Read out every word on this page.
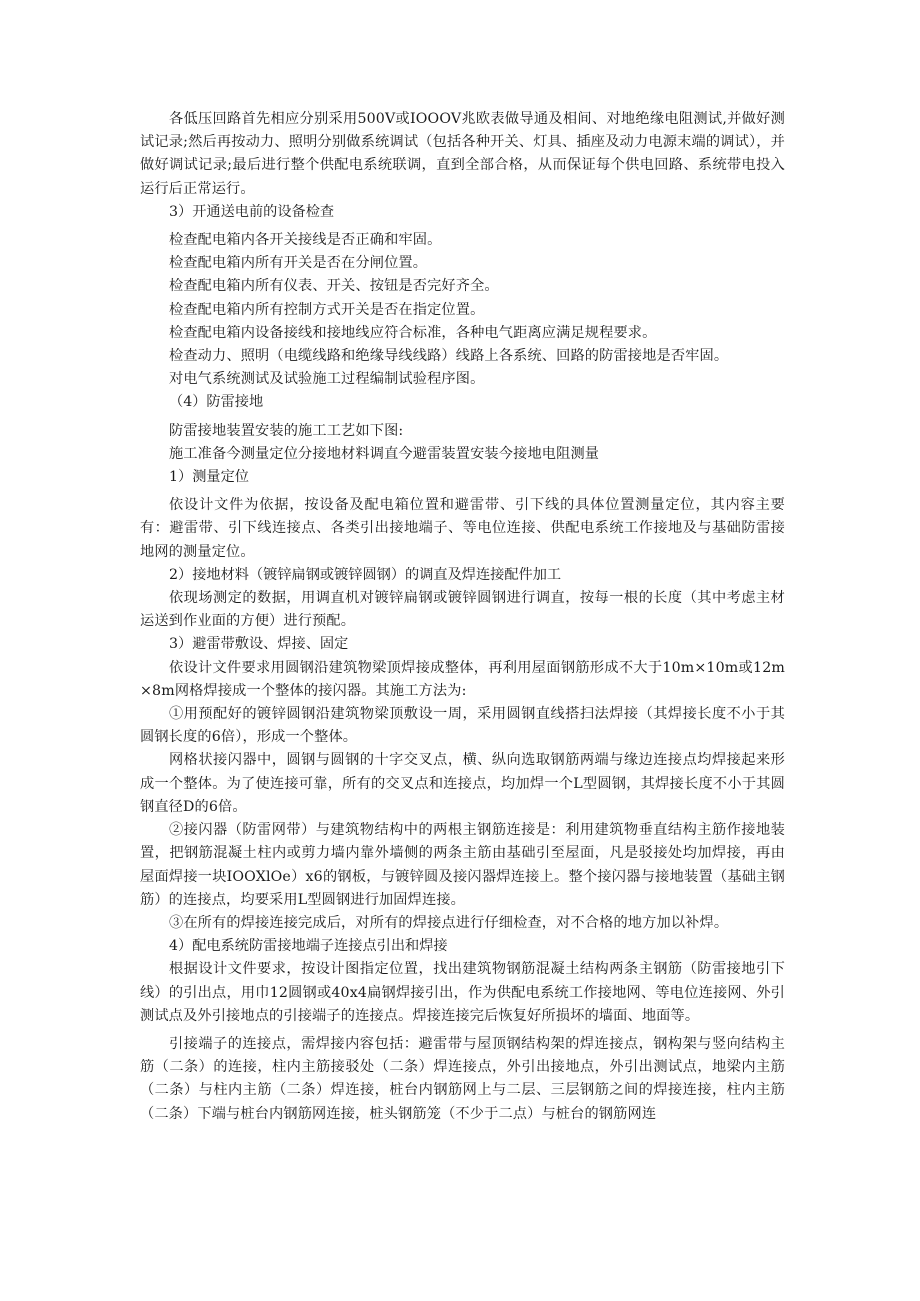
各低压回路首先相应分别采用500V或IOOOV兆欧表做导通及相间、对地绝缘电阻测试,并做好测试记录;然后再按动力、照明分别做系统调试（包括各种开关、灯具、插座及动力电源末端的调试），并做好调试记录;最后进行整个供配电系统联调，直到全部合格，从而保证每个供电回路、系统带电投入运行后正常运行。

3）开通送电前的设备检查

检查配电箱内各开关接线是否正确和牢固。

检查配电箱内所有开关是否在分闸位置。

检查配电箱内所有仪表、开关、按钮是否完好齐全。

检查配电箱内所有控制方式开关是否在指定位置。

检查配电箱内设备接线和接地线应符合标准，各种电气距离应满足规程要求。

检查动力、照明（电缆线路和绝缘导线线路）线路上各系统、回路的防雷接地是否牢固。

对电气系统测试及试验施工过程编制试验程序图。

（4）防雷接地

防雷接地装置安装的施工工艺如下图:

施工准备今测量定位分接地材料调直今避雷装置安装今接地电阻测量

1）测量定位

依设计文件为依据，按设备及配电箱位置和避雷带、引下线的具体位置测量定位，其内容主要有：避雷带、引下线连接点、各类引出接地端子、等电位连接、供配电系统工作接地及与基础防雷接地网的测量定位。

2）接地材料（镀锌扁钢或镀锌圆钢）的调直及焊连接配件加工

依现场测定的数据，用调直机对镀锌扁钢或镀锌圆钢进行调直，按每一根的长度（其中考虑主材运送到作业面的方便）进行预配。

3）避雷带敷设、焊接、固定

依设计文件要求用圆钢沿建筑物梁顶焊接成整体，再利用屋面钢筋形成不大于10m×10m或12m×8m网格焊接成一个整体的接闪器。其施工方法为:

①用预配好的镀锌圆钢沿建筑物梁顶敷设一周，采用圆钢直线搭扫法焊接（其焊接长度不小于其圆钢长度的6倍），形成一个整体。

网格状接闪器中，圆钢与圆钢的十字交叉点，横、纵向选取钢筋两端与缘边连接点均焊接起来形成一个整体。为了使连接可靠，所有的交叉点和连接点，均加焊一个L型圆钢，其焊接长度不小于其圆钢直径D的6倍。

②接闪器（防雷网带）与建筑物结构中的两根主钢筋连接是：利用建筑物垂直结构主筋作接地装置，把钢筋混凝土柱内或剪力墙内靠外墙侧的两条主筋由基础引至屋面，凡是驳接处均加焊接，再由屋面焊接一块IOOXlOe）x6的钢板，与镀锌圆及接闪器焊连接上。整个接闪器与接地装置（基础主钢筋）的连接点，均要采用L型圆钢进行加固焊连接。

③在所有的焊接连接完成后，对所有的焊接点进行仔细检查，对不合格的地方加以补焊。

4）配电系统防雷接地端子连接点引出和焊接

根据设计文件要求，按设计图指定位置，找出建筑物钢筋混凝土结构两条主钢筋（防雷接地引下线）的引出点，用巾12圆钢或40x4扁钢焊接引出，作为供配电系统工作接地网、等电位连接网、外引测试点及外引接地点的引接端子的连接点。焊接连接完后恢复好所损坏的墙面、地面等。

引接端子的连接点，需焊接内容包括：避雷带与屋顶钢结构架的焊连接点，钢构架与竖向结构主筋（二条）的连接，柱内主筋接驳处（二条）焊连接点，外引出接地点，外引出测试点，地梁内主筋（二条）与柱内主筋（二条）焊连接，桩台内钢筋网上与二层、三层钢筋之间的焊接连接，柱内主筋（二条）下端与桩台内钢筋网连接，桩头钢筋笼（不少于二点）与桩台的钢筋网连
